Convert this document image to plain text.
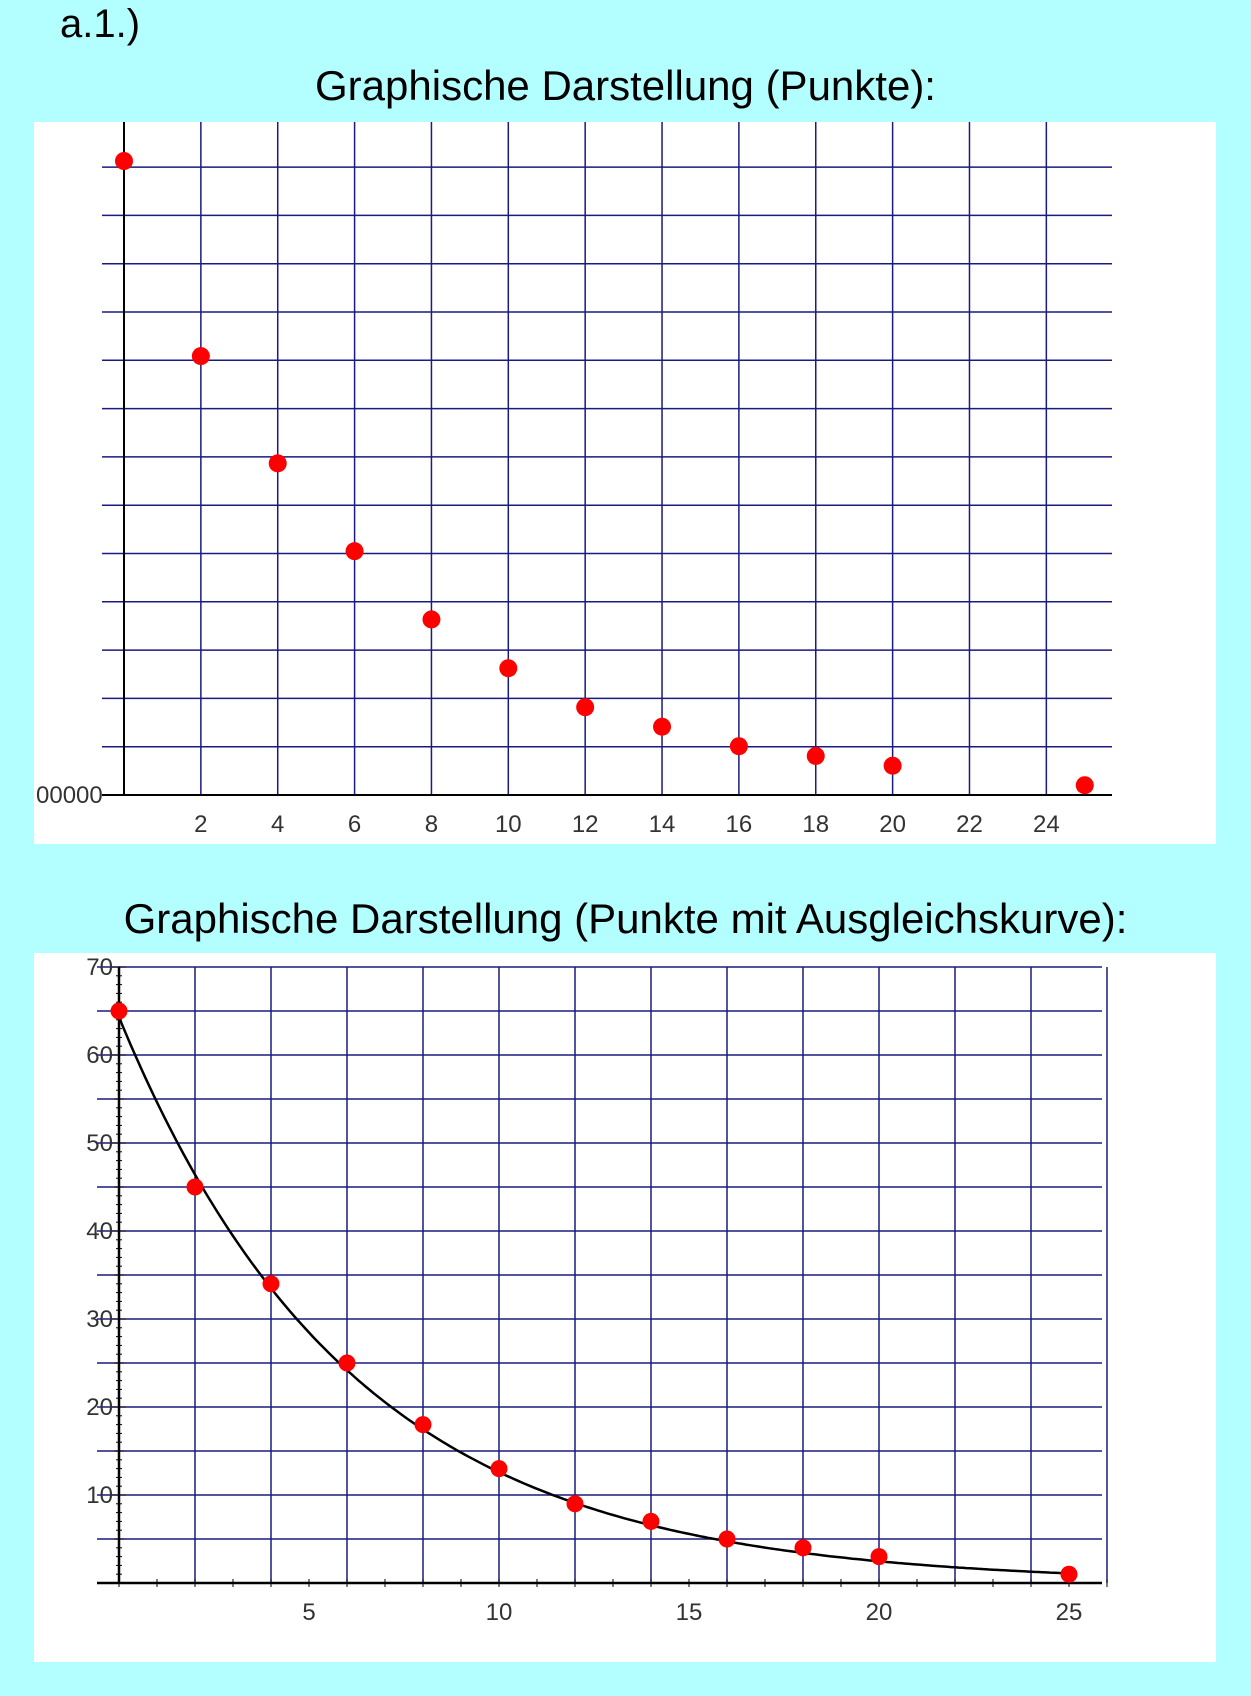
a.1.)
Graphische Darstellung (Punkte):
2	4	6	8 10 12 14 16 18 20 22 24
00000
Graphische Darstellung (Punkte mit Ausgleichskurve):
10
20
30
40
50
60
70
5	10	15	20	25
